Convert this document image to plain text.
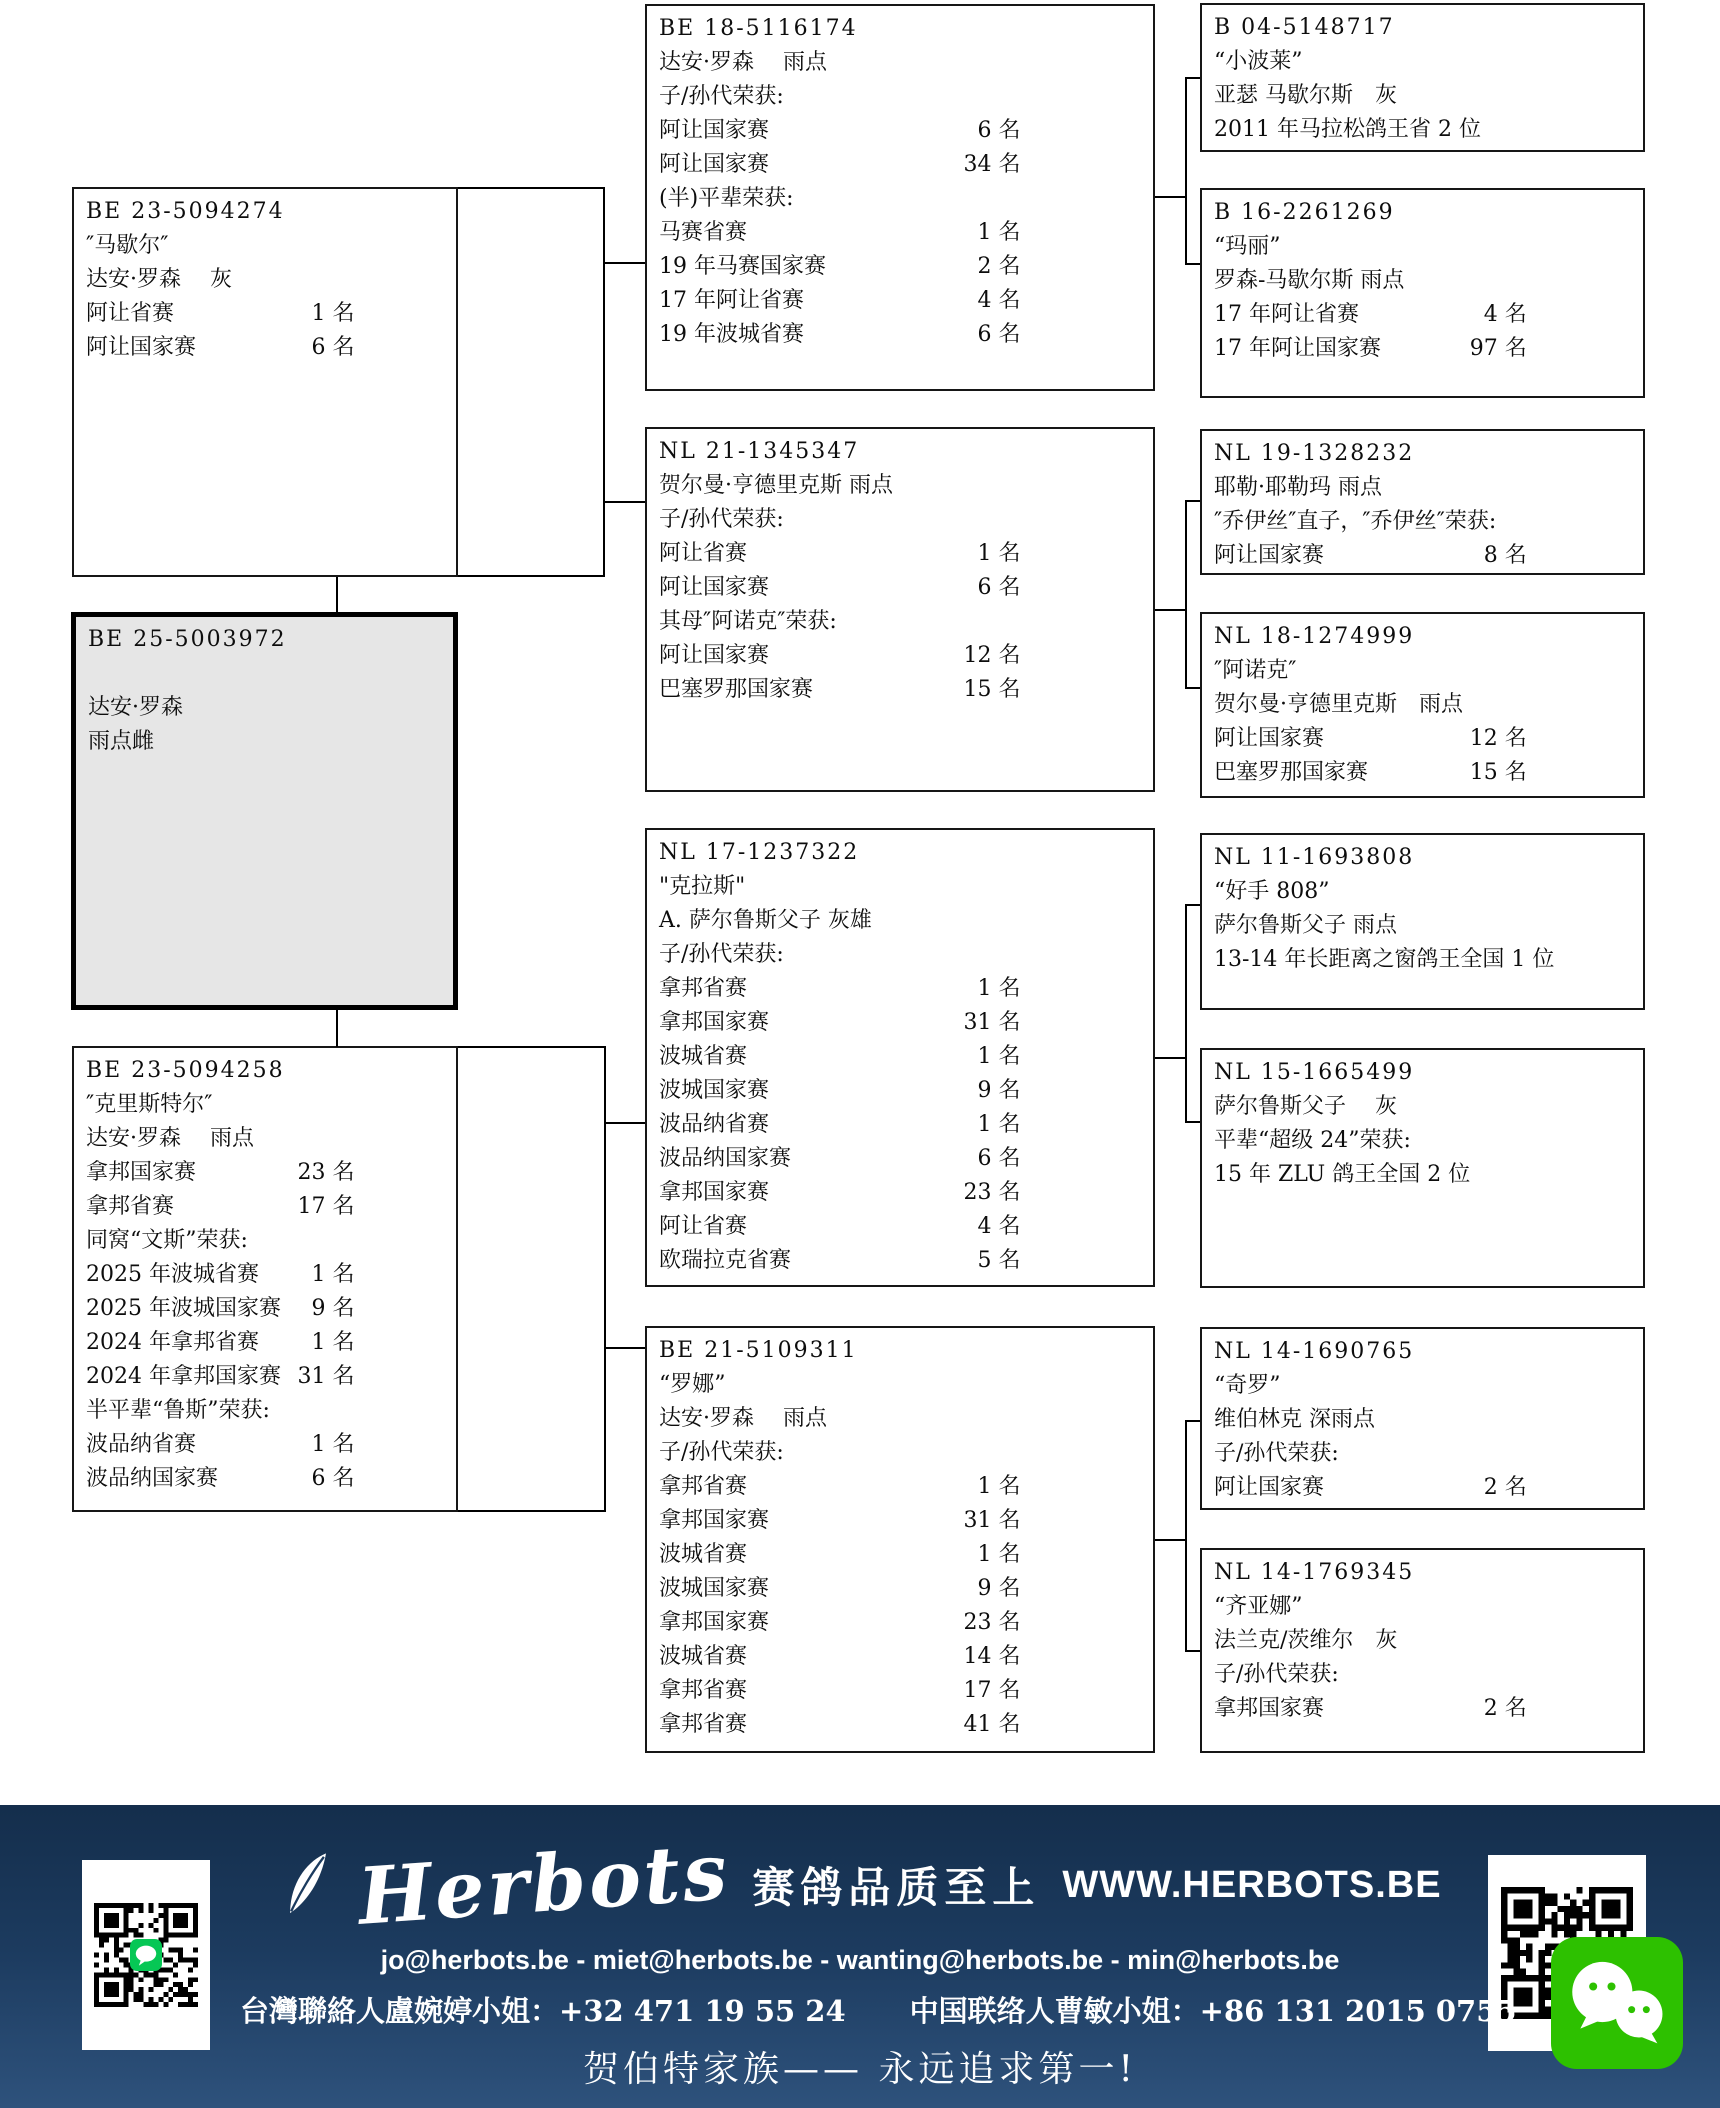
BE 23-5094274
″马歇尔″
达安·罗森　 灰
阿让省赛	1 名
阿让国家赛	6 名
BE 25-5003972

达安·罗森
雨点雌
BE 23-5094258
″克里斯特尔″
达安·罗森　 雨点
拿邦国家赛	23 名
拿邦省赛	17 名
同窝“文斯”荣获:
2025 年波城省赛	1 名
2025 年波城国家赛	9 名
2024 年拿邦省赛	1 名
2024 年拿邦国家赛 31 名
半平辈“鲁斯”荣获:
波品纳省赛	1 名
波品纳国家赛	6 名
BE 18-5116174
达安·罗森　 雨点
子/孙代荣获:
阿让国家赛	6 名
阿让国家赛	34 名
(半)平辈荣获:
马赛省赛	1 名
19 年马赛国家赛	2 名
17 年阿让省赛	4 名
19 年波城省赛	6 名
NL 21-1345347
贺尔曼·亨德里克斯 雨点
子/孙代荣获:
阿让省赛	1 名
阿让国家赛	6 名
其母″阿诺克″荣获:
阿让国家赛	12 名
巴塞罗那国家赛	15 名
NL 17-1237322
"克拉斯"
A. 萨尔鲁斯父子 灰雄
子/孙代荣获:
拿邦省赛	1 名
拿邦国家赛	31 名
波城省赛	1 名
波城国家赛	9 名
波品纳省赛	1 名
波品纳国家赛	6 名
拿邦国家赛	23 名
阿让省赛	4 名
欧瑞拉克省赛	5 名
BE 21-5109311
“罗娜”
达安·罗森　 雨点
子/孙代荣获:
拿邦省赛	1 名
拿邦国家赛	31 名
波城省赛	1 名
波城国家赛	9 名
拿邦国家赛	23 名
波城省赛	14 名
拿邦省赛	17 名
拿邦省赛	41 名
B 04-5148717
“小波莱”
亚瑟 马歇尔斯　灰
2011 年马拉松鸽王省 2 位
B 16-2261269
“玛丽”
罗森-马歇尔斯 雨点
17 年阿让省赛	4 名
17 年阿让国家赛	97 名
NL 19-1328232
耶勒·耶勒玛 雨点
″乔伊丝″直子，″乔伊丝″荣获:
阿让国家赛	8 名
NL 18-1274999
″阿诺克″
贺尔曼·亨德里克斯　雨点
阿让国家赛	12 名
巴塞罗那国家赛	15 名
NL 11-1693808
“好手 808”
萨尔鲁斯父子 雨点
13-14 年长距离之窗鸽王全国 1 位
NL 15-1665499
萨尔鲁斯父子　 灰
平辈“超级 24”荣获:
15 年 ZLU 鸽王全国 2 位
NL 14-1690765
“奇罗”
维伯林克 深雨点
子/孙代荣获:
阿让国家赛	2 名
NL 14-1769345
“齐亚娜”
法兰克/茨维尔　灰
子/孙代荣获:
拿邦国家赛	2 名
Herbots 赛鸽品质至上 WWW.HERBOTS.BE
jo@herbots.be - miet@herbots.be - wanting@herbots.be - min@herbots.be
台灣聯絡人盧婉婷小姐：+32 471 19 55 24 中国联络人曹敏小姐：+86 131 2015 0755
贺伯特家族—— 永远追求第一!
